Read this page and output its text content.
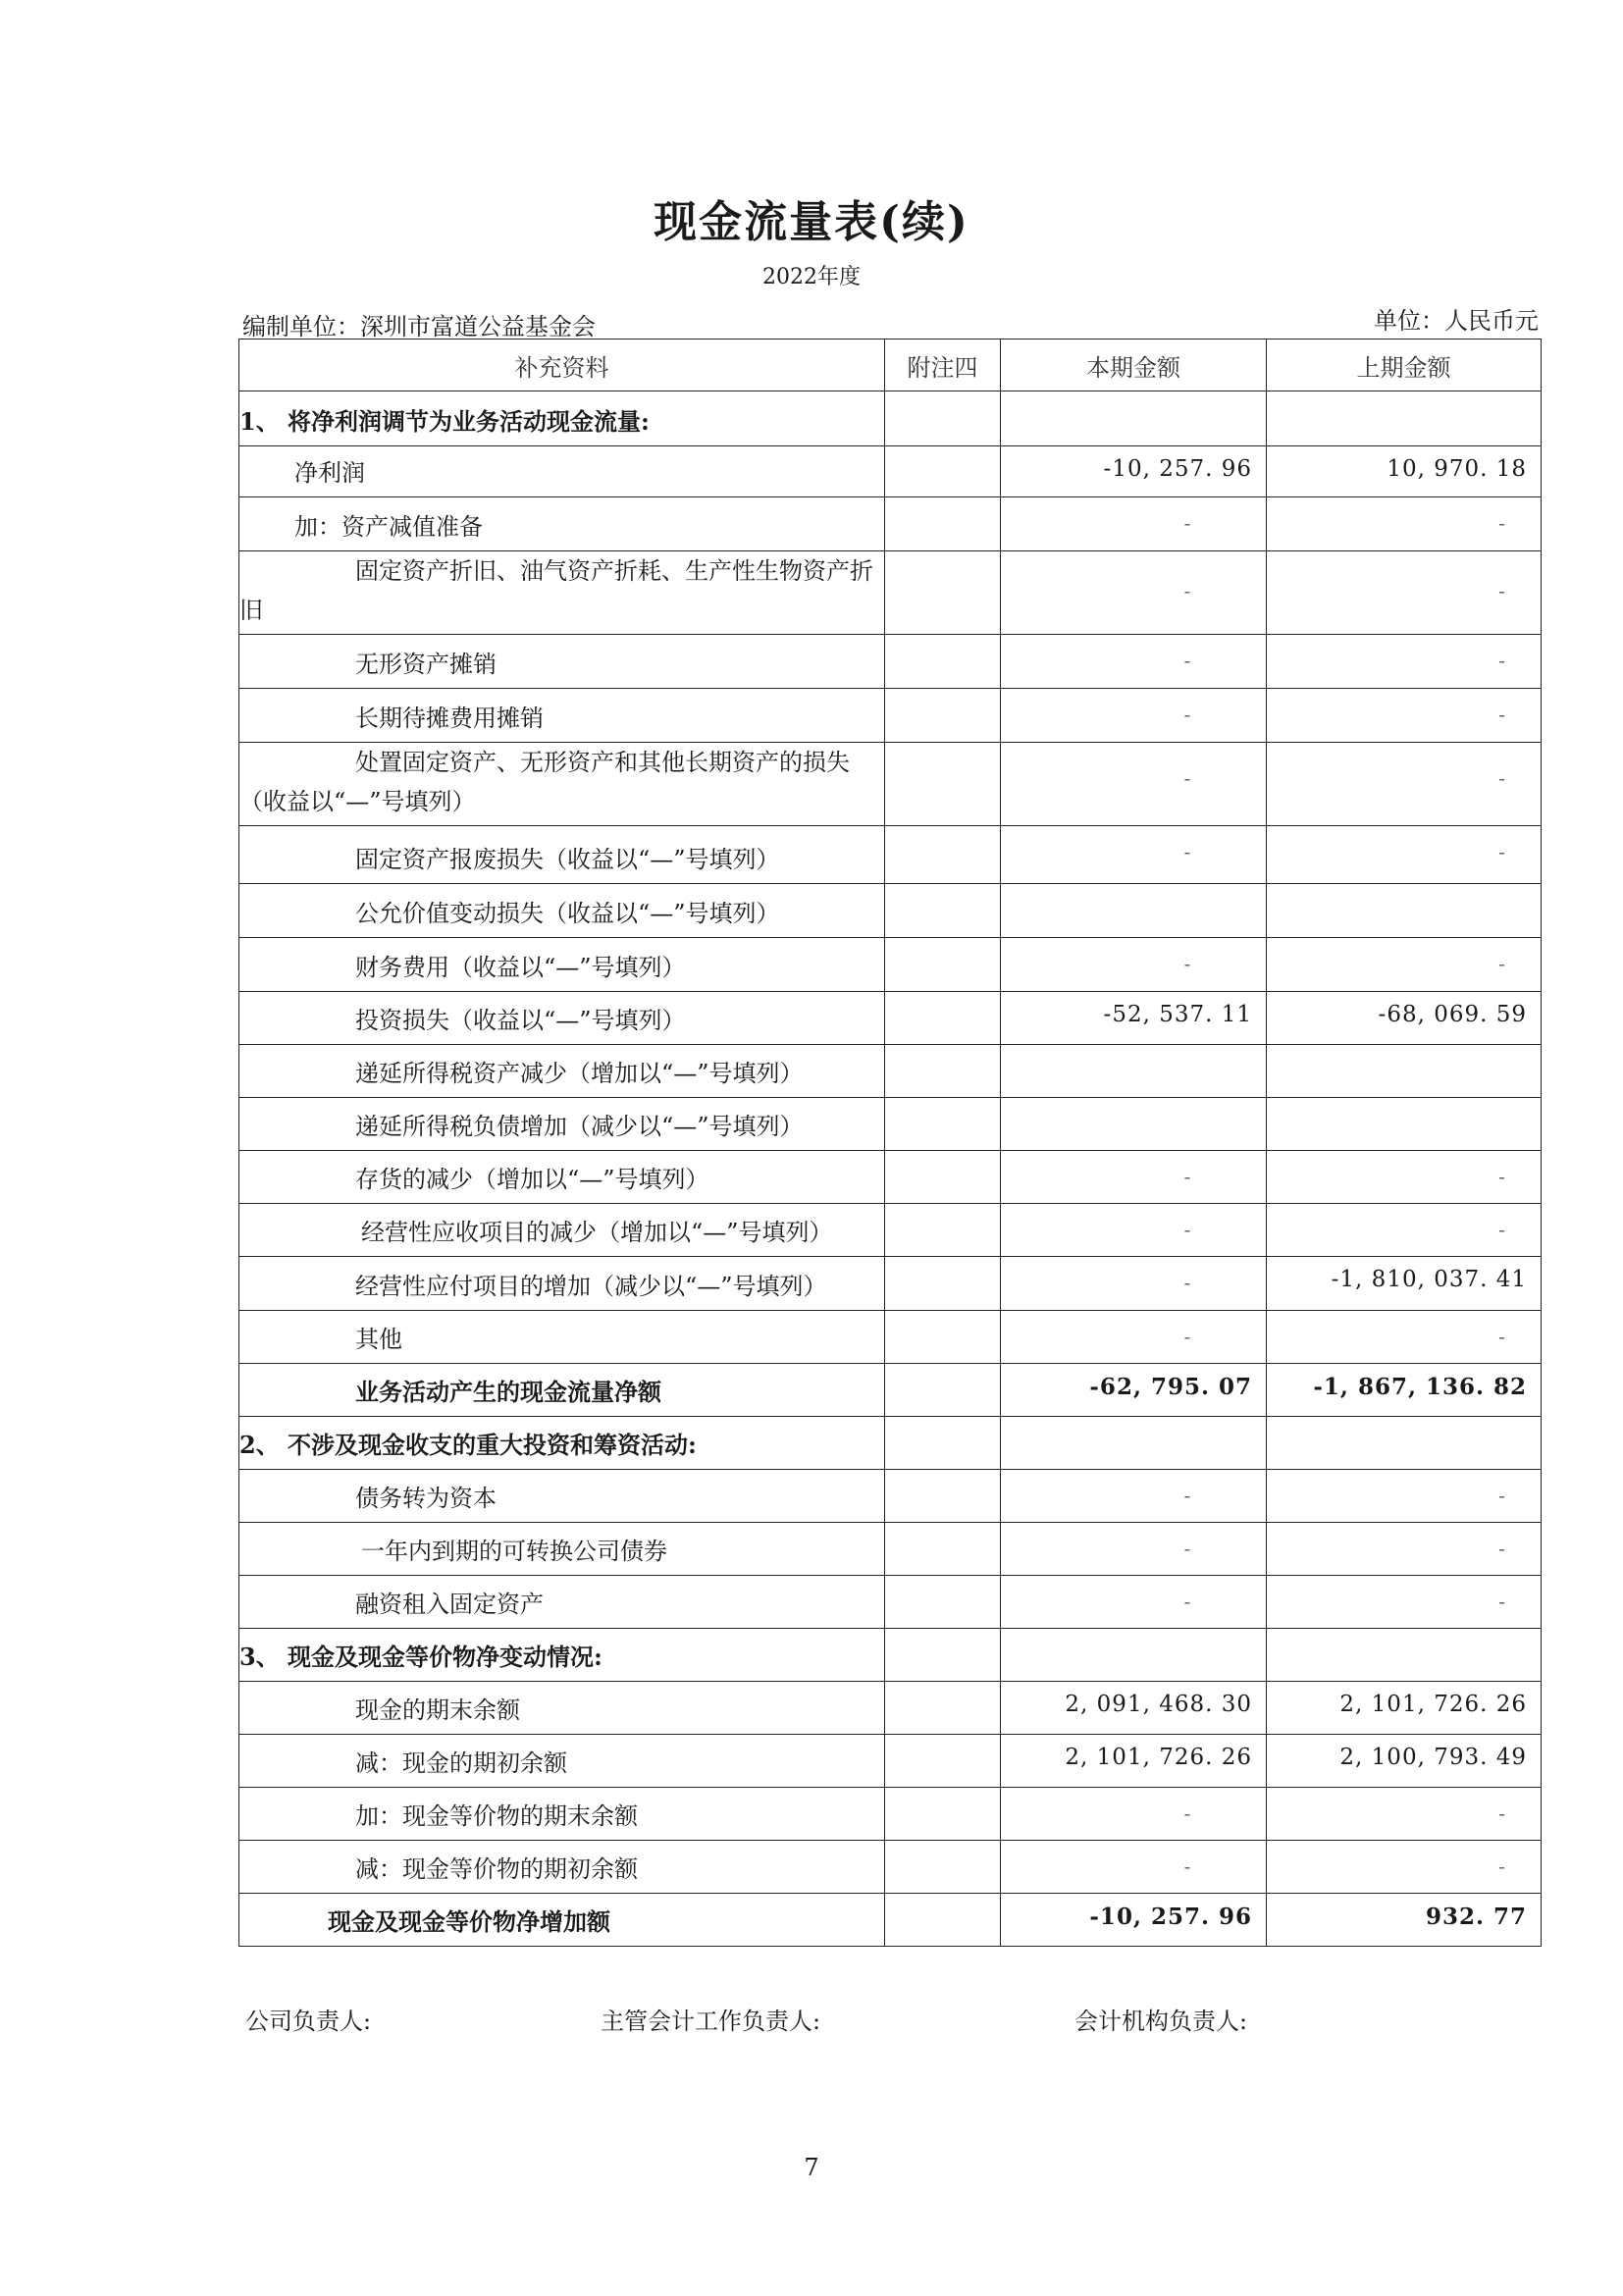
现金流量表(续)
2022年度
编制单位：深圳市富道公益基金会	单位：人民币元
补充资料	附注四	本期金额	上期金额
1、 将净利润调节为业务活动现金流量:			
净利润		-10, 257. 96	10, 970. 18
加：资产减值准备		-	-
固定资产折旧、油气资产折耗、生产性生物资产折旧		-	-
无形资产摊销		-	-
长期待摊费用摊销		-	-
处置固定资产、无形资产和其他长期资产的损失（收益以“—”号填列）		-	-
固定资产报废损失（收益以“—”号填列）		-	-
公允价值变动损失（收益以“—”号填列）			
财务费用（收益以“—”号填列）		-	-
投资损失（收益以“—”号填列）		-52, 537. 11	-68, 069. 59
递延所得税资产减少（增加以“—”号填列）			
递延所得税负债增加（减少以“—”号填列）			
存货的减少（增加以“—”号填列）		-	-
经营性应收项目的减少（增加以“—”号填列）		-	-
经营性应付项目的增加（减少以“—”号填列）		-	-1, 810, 037. 41
其他		-	-
业务活动产生的现金流量净额		-62, 795. 07	-1, 867, 136. 82
2、 不涉及现金收支的重大投资和筹资活动:			
债务转为资本		-	-
一年内到期的可转换公司债券		-	-
融资租入固定资产		-	-
3、 现金及现金等价物净变动情况:			
现金的期末余额		2, 091, 468. 30	2, 101, 726. 26
减：现金的期初余额		2, 101, 726. 26	2, 100, 793. 49
加：现金等价物的期末余额		-	-
减：现金等价物的期初余额		-	-
现金及现金等价物净增加额		-10, 257. 96	932. 77
公司负责人:	主管会计工作负责人:	会计机构负责人:
7
